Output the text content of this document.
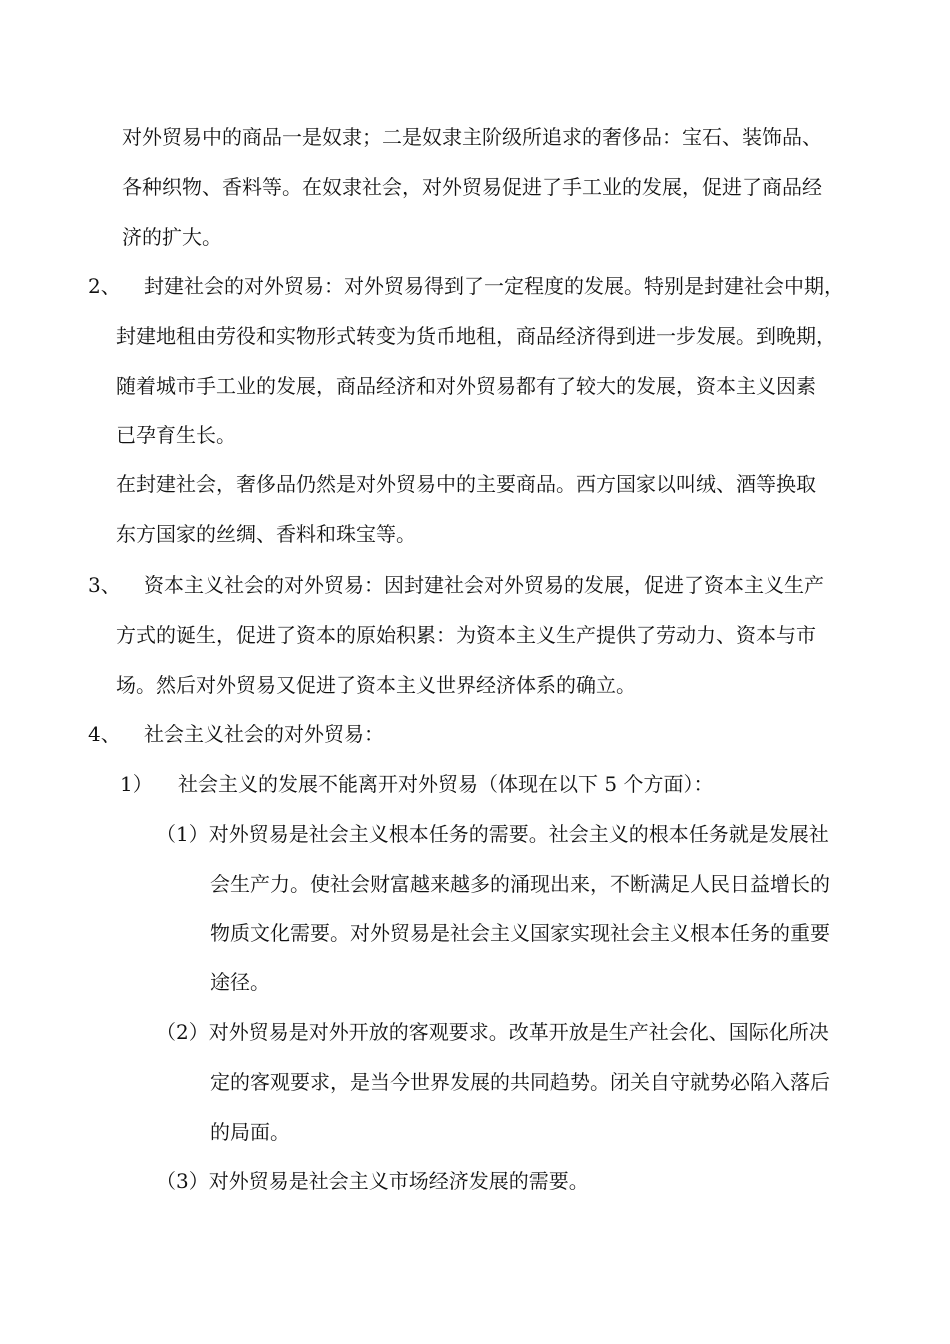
对外贸易中的商品一是奴隶；二是奴隶主阶级所追求的奢侈品：宝石、装饰品、
各种织物、香料等。在奴隶社会，对外贸易促进了手工业的发展，促进了商品经
济的扩大。
2、 封建社会的对外贸易：对外贸易得到了一定程度的发展。特别是封建社会中期，
封建地租由劳役和实物形式转变为货币地租，商品经济得到进一步发展。到晚期，
随着城市手工业的发展，商品经济和对外贸易都有了较大的发展，资本主义因素
已孕育生长。
在封建社会，奢侈品仍然是对外贸易中的主要商品。西方国家以叫绒、酒等换取
东方国家的丝绸、香料和珠宝等。
3、 资本主义社会的对外贸易：因封建社会对外贸易的发展，促进了资本主义生产
方式的诞生，促进了资本的原始积累：为资本主义生产提供了劳动力、资本与市
场。然后对外贸易又促进了资本主义世界经济体系的确立。
4、 社会主义社会的对外贸易：
1） 社会主义的发展不能离开对外贸易（体现在以下 5 个方面）：
（1）对外贸易是社会主义根本任务的需要。社会主义的根本任务就是发展社
会生产力。使社会财富越来越多的涌现出来，不断满足人民日益增长的
物质文化需要。对外贸易是社会主义国家实现社会主义根本任务的重要
途径。
（2）对外贸易是对外开放的客观要求。改革开放是生产社会化、国际化所决
定的客观要求，是当今世界发展的共同趋势。闭关自守就势必陷入落后
的局面。
（3）对外贸易是社会主义市场经济发展的需要。
